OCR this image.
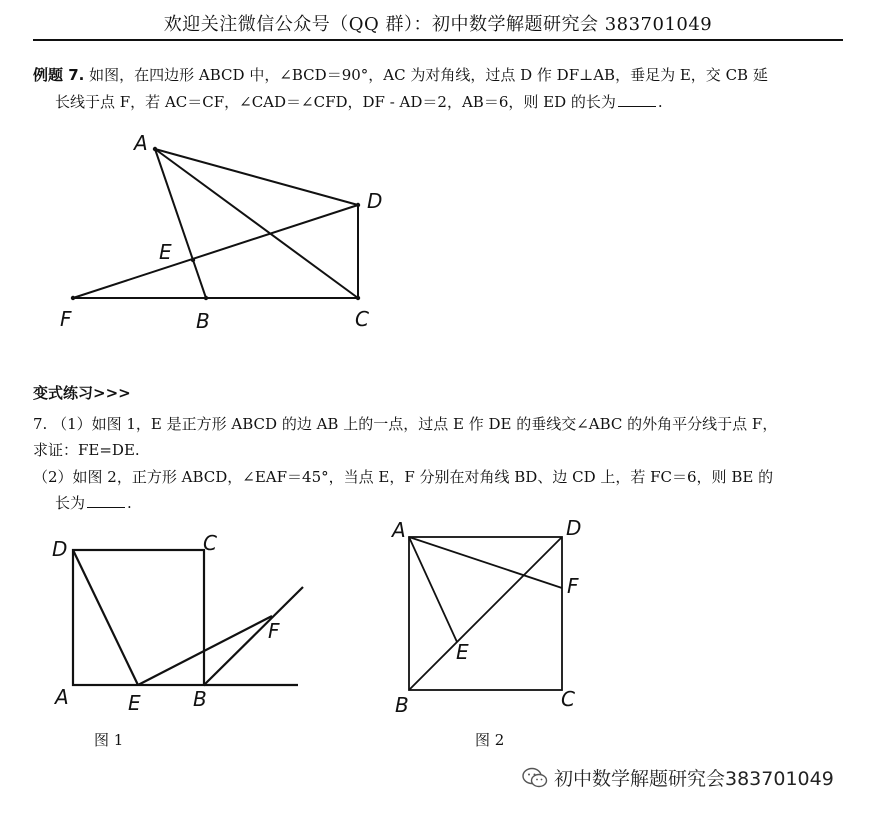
欢迎关注微信公众号（QQ 群）：初中数学解题研究会 383701049
例题 7. 如图，在四边形 ABCD 中，∠BCD＝90°，AC 为对角线，过点 D 作 DF⊥AB，垂足为 E，交 CB 延
长线于点 F，若 AC＝CF，∠CAD＝∠CFD，DF - AD＝2，AB＝6，则 ED 的长为	.
A
D
E
F	B	C
变式练习>>>
7. （1）如图 1，E 是正方形 ABCD 的边 AB 上的一点，过点 E 作 DE 的垂线交∠ABC 的外角平分线于点 F，
求证：FE=DE.
（2）如图 2，正方形 ABCD，∠EAF＝45°，当点 E，F 分别在对角线 BD、边 CD 上，若 FC＝6，则 BE 的
长为	.
D	C
A	E	B
F
图 1
A	D
F
E
B	C
图 2
初中数学解题研究会383701049
